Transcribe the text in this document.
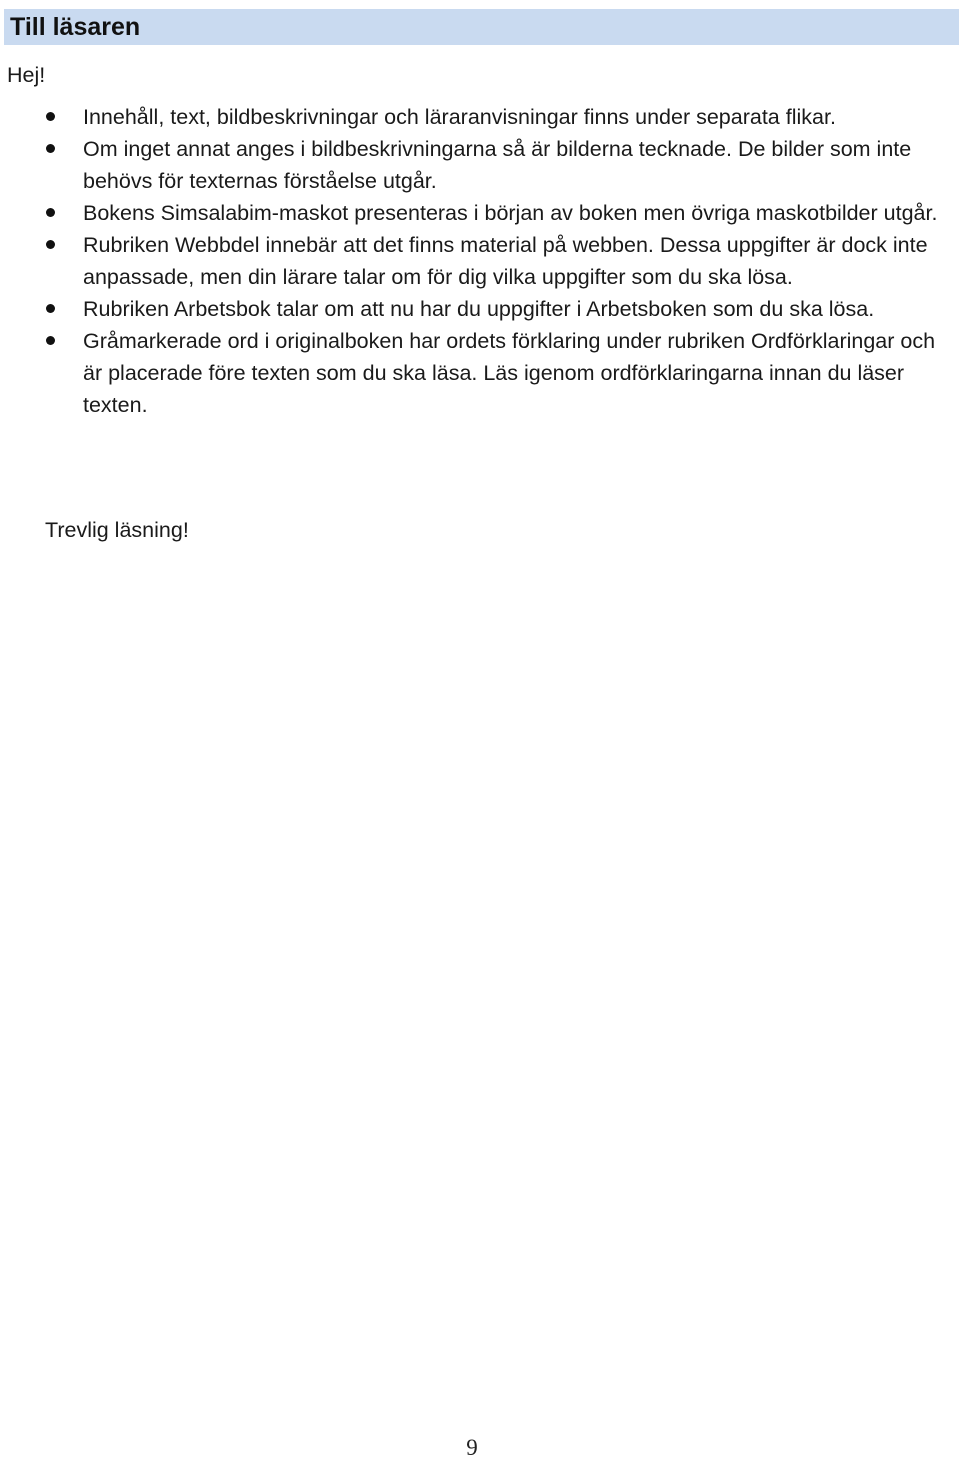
Till läsaren

Hej!

Innehåll, text, bildbeskrivningar och läraranvisningar finns under separata flikar.
Om inget annat anges i bildbeskrivningarna så är bilderna tecknade. De bilder som inte behövs för texternas förståelse utgår.
Bokens Simsalabim-maskot presenteras i början av boken men övriga maskotbilder utgår.
Rubriken Webbdel innebär att det finns material på webben. Dessa uppgifter är dock inte anpassade, men din lärare talar om för dig vilka uppgifter som du ska lösa.
Rubriken Arbetsbok talar om att nu har du uppgifter i Arbetsboken som du ska lösa.
Gråmarkerade ord i originalboken har ordets förklaring under rubriken Ordförklaringar och är placerade före texten som du ska läsa. Läs igenom ordförklaringarna innan du läser texten.

Trevlig läsning!

9
